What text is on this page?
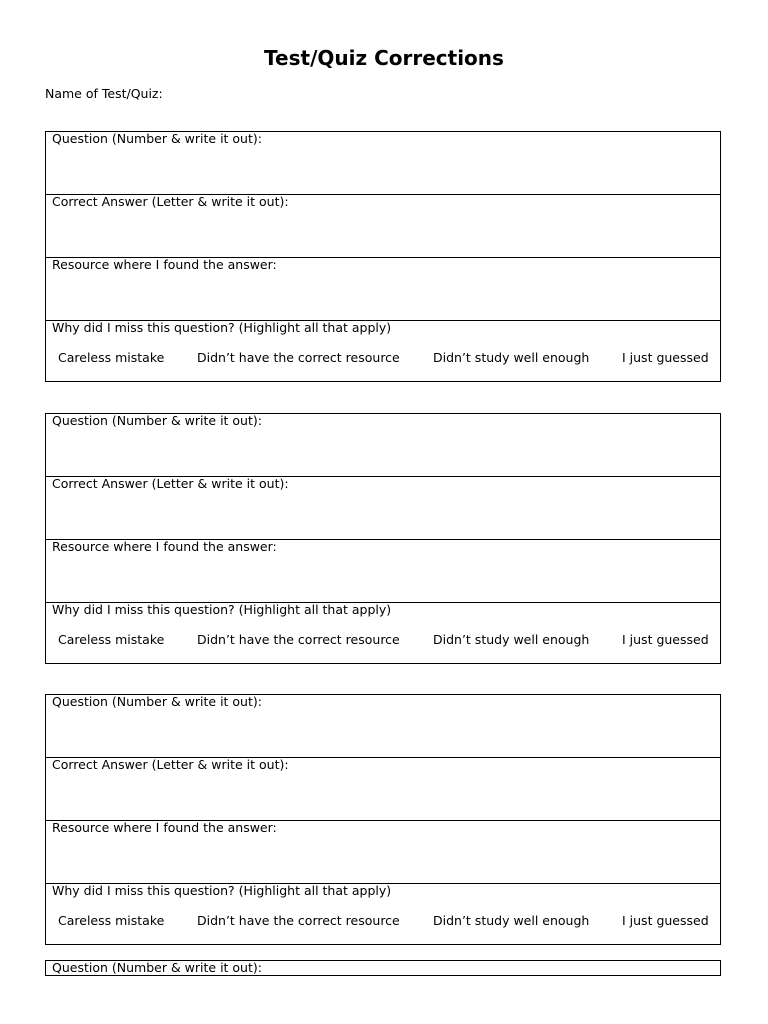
Test/Quiz Corrections
Name of Test/Quiz:
Question (Number & write it out):
Correct Answer (Letter & write it out):
Resource where I found the answer:
Why did I miss this question? (Highlight all that apply)
Careless mistake	Didn’t have the correct resource	Didn’t study well enough	I just guessed
Question (Number & write it out):
Correct Answer (Letter & write it out):
Resource where I found the answer:
Why did I miss this question? (Highlight all that apply)
Careless mistake	Didn’t have the correct resource	Didn’t study well enough	I just guessed
Question (Number & write it out):
Correct Answer (Letter & write it out):
Resource where I found the answer:
Why did I miss this question? (Highlight all that apply)
Careless mistake	Didn’t have the correct resource	Didn’t study well enough	I just guessed
Question (Number & write it out):
